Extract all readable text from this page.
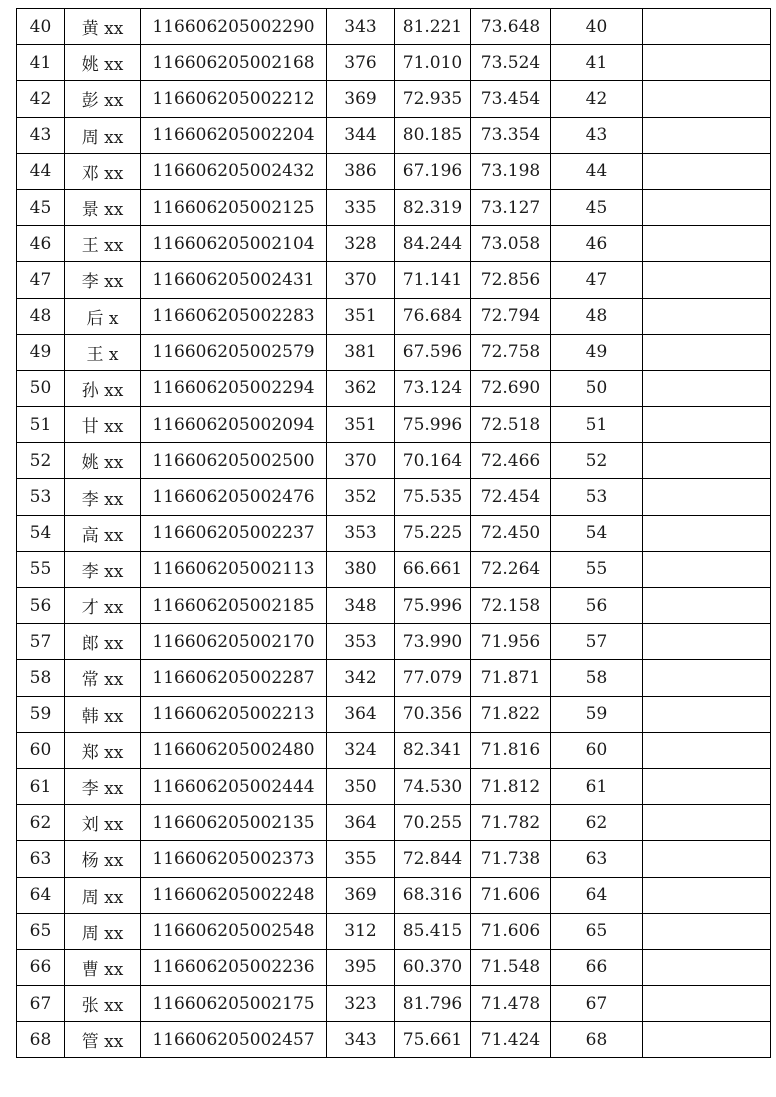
40	黄 xx	116606205002290	343	81.221	73.648	40	
41	姚 xx	116606205002168	376	71.010	73.524	41	
42	彭 xx	116606205002212	369	72.935	73.454	42	
43	周 xx	116606205002204	344	80.185	73.354	43	
44	邓 xx	116606205002432	386	67.196	73.198	44	
45	景 xx	116606205002125	335	82.319	73.127	45	
46	王 xx	116606205002104	328	84.244	73.058	46	
47	李 xx	116606205002431	370	71.141	72.856	47	
48	后 x	116606205002283	351	76.684	72.794	48	
49	王 x	116606205002579	381	67.596	72.758	49	
50	孙 xx	116606205002294	362	73.124	72.690	50	
51	甘 xx	116606205002094	351	75.996	72.518	51	
52	姚 xx	116606205002500	370	70.164	72.466	52	
53	李 xx	116606205002476	352	75.535	72.454	53	
54	高 xx	116606205002237	353	75.225	72.450	54	
55	李 xx	116606205002113	380	66.661	72.264	55	
56	才 xx	116606205002185	348	75.996	72.158	56	
57	郎 xx	116606205002170	353	73.990	71.956	57	
58	常 xx	116606205002287	342	77.079	71.871	58	
59	韩 xx	116606205002213	364	70.356	71.822	59	
60	郑 xx	116606205002480	324	82.341	71.816	60	
61	李 xx	116606205002444	350	74.530	71.812	61	
62	刘 xx	116606205002135	364	70.255	71.782	62	
63	杨 xx	116606205002373	355	72.844	71.738	63	
64	周 xx	116606205002248	369	68.316	71.606	64	
65	周 xx	116606205002548	312	85.415	71.606	65	
66	曹 xx	116606205002236	395	60.370	71.548	66	
67	张 xx	116606205002175	323	81.796	71.478	67	
68	管 xx	116606205002457	343	75.661	71.424	68	
